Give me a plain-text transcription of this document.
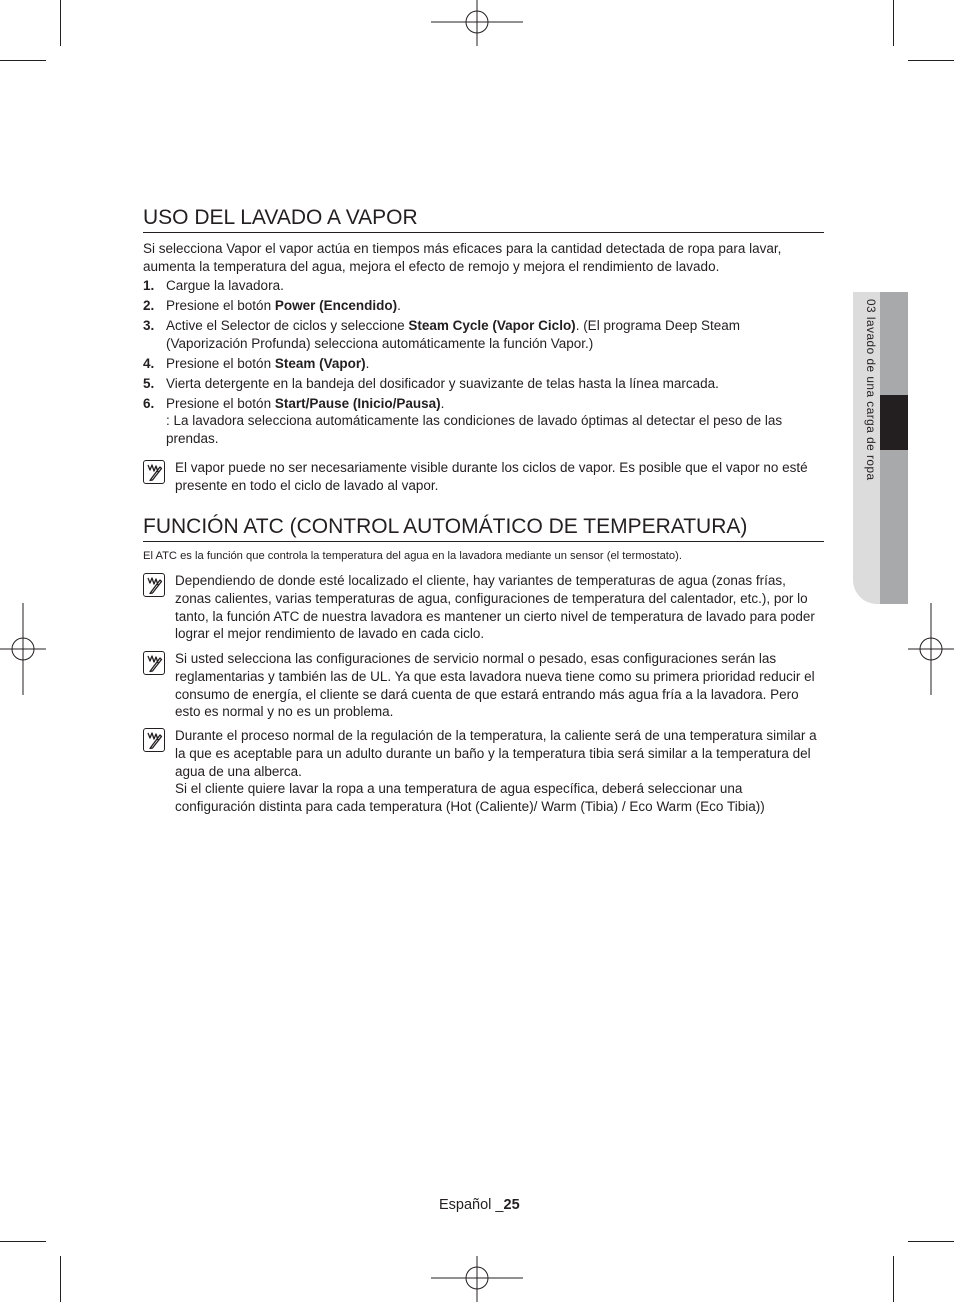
03 lavado de una carga de ropa
USO DEL LAVADO A VAPOR

Si selecciona Vapor el vapor actúa en tiempos más eficaces para la cantidad detectada de ropa para lavar, aumenta la temperatura del agua, mejora el efecto de remojo y mejora el rendimiento de lavado.

1. Cargue la lavadora.
2. Presione el botón Power (Encendido).
3. Active el Selector de ciclos y seleccione Steam Cycle (Vapor Ciclo). (El programa Deep Steam (Vaporización Profunda) selecciona automáticamente la función Vapor.)
4. Presione el botón Steam (Vapor).
5. Vierta detergente en la bandeja del dosificador y suavizante de telas hasta la línea marcada.
6. Presione el botón Start/Pause (Inicio/Pausa).
: La lavadora selecciona automáticamente las condiciones de lavado óptimas al detectar el peso de las prendas.

El vapor puede no ser necesariamente visible durante los ciclos de vapor. Es posible que el vapor no esté presente en todo el ciclo de lavado al vapor.

FUNCIÓN ATC (CONTROL AUTOMÁTICO DE TEMPERATURA)

El ATC es la función que controla la temperatura del agua en la lavadora mediante un sensor (el termostato).

Dependiendo de donde esté localizado el cliente, hay variantes de temperaturas de agua (zonas frías, zonas calientes, varias temperaturas de agua, configuraciones de temperatura del calentador, etc.), por lo tanto, la función ATC de nuestra lavadora es mantener un cierto nivel de temperatura de lavado para poder lograr el mejor rendimiento de lavado en cada ciclo.

Si usted selecciona las configuraciones de servicio normal o pesado, esas configuraciones serán las reglamentarias y también las de UL. Ya que esta lavadora nueva tiene como su primera prioridad reducir el consumo de energía, el cliente se dará cuenta de que estará entrando más agua fría a la lavadora. Pero esto es normal y no es un problema.

Durante el proceso normal de la regulación de la temperatura, la caliente será de una temperatura similar a la que es aceptable para un adulto durante un baño y la temperatura tibia será similar a la temperatura del agua de una alberca.

Si el cliente quiere lavar la ropa a una temperatura de agua específica, deberá seleccionar una configuración distinta para cada temperatura (Hot (Caliente)/ Warm (Tibia) / Eco Warm (Eco Tibia))

Español _25
